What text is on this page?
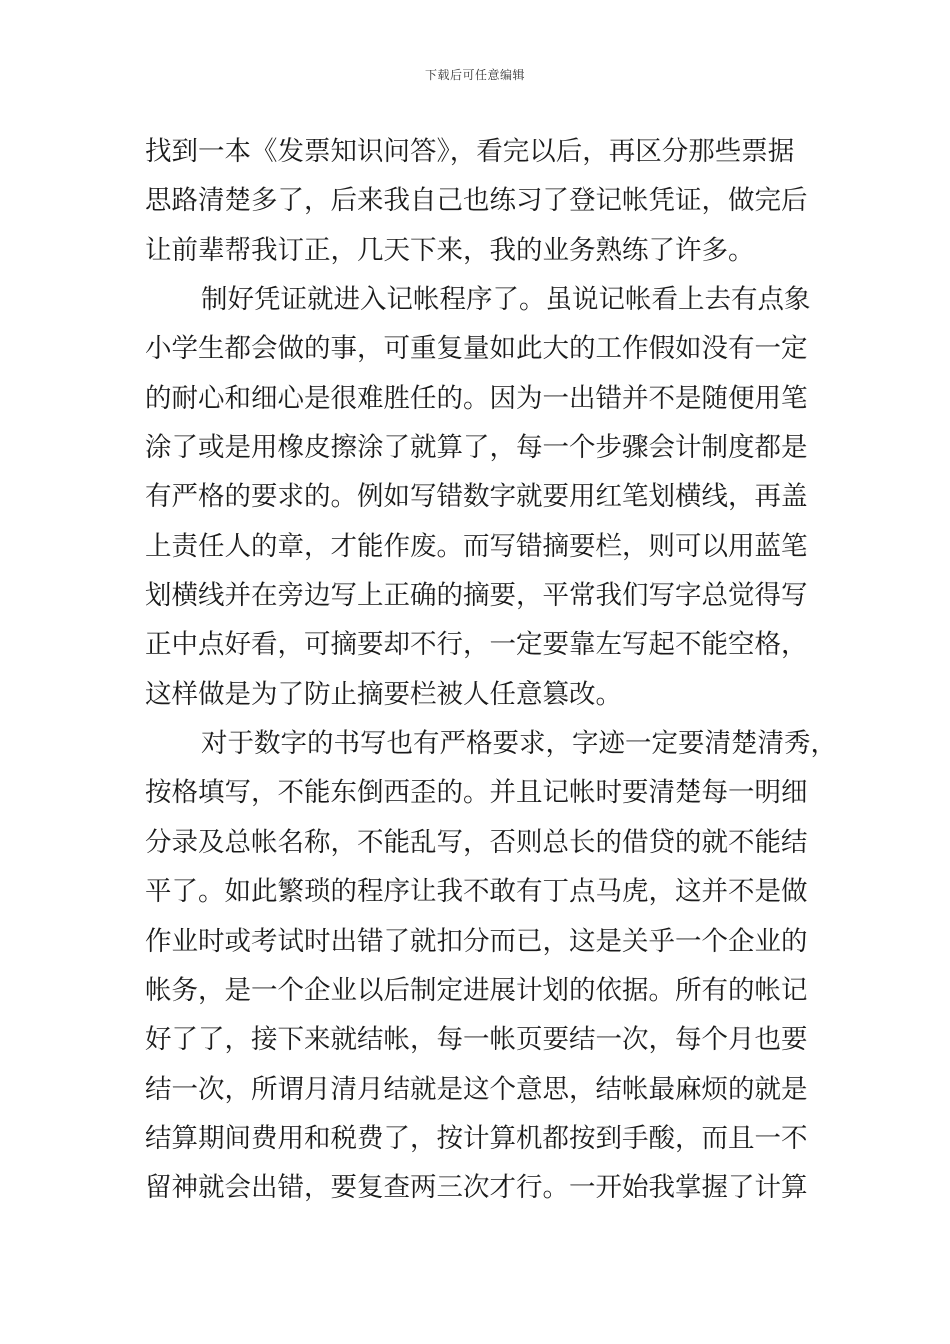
下载后可任意编辑
找到一本《发票知识问答》，看完以后，再区分那些票据
思路清楚多了，后来我自己也练习了登记帐凭证，做完后
让前辈帮我订正，几天下来，我的业务熟练了许多。
制好凭证就进入记帐程序了。虽说记帐看上去有点象
小学生都会做的事，可重复量如此大的工作假如没有一定
的耐心和细心是很难胜任的。因为一出错并不是随便用笔
涂了或是用橡皮擦涂了就算了，每一个步骤会计制度都是
有严格的要求的。例如写错数字就要用红笔划横线，再盖
上责任人的章，才能作废。而写错摘要栏，则可以用蓝笔
划横线并在旁边写上正确的摘要，平常我们写字总觉得写
正中点好看，可摘要却不行，一定要靠左写起不能空格，
这样做是为了防止摘要栏被人任意篡改。
对于数字的书写也有严格要求，字迹一定要清楚清秀，
按格填写，不能东倒西歪的。并且记帐时要清楚每一明细
分录及总帐名称，不能乱写，否则总长的借贷的就不能结
平了。如此繁琐的程序让我不敢有丁点马虎，这并不是做
作业时或考试时出错了就扣分而已，这是关乎一个企业的
帐务，是一个企业以后制定进展计划的依据。所有的帐记
好了了，接下来就结帐，每一帐页要结一次，每个月也要
结一次，所谓月清月结就是这个意思，结帐最麻烦的就是
结算期间费用和税费了，按计算机都按到手酸，而且一不
留神就会出错，要复查两三次才行。一开始我掌握了计算
